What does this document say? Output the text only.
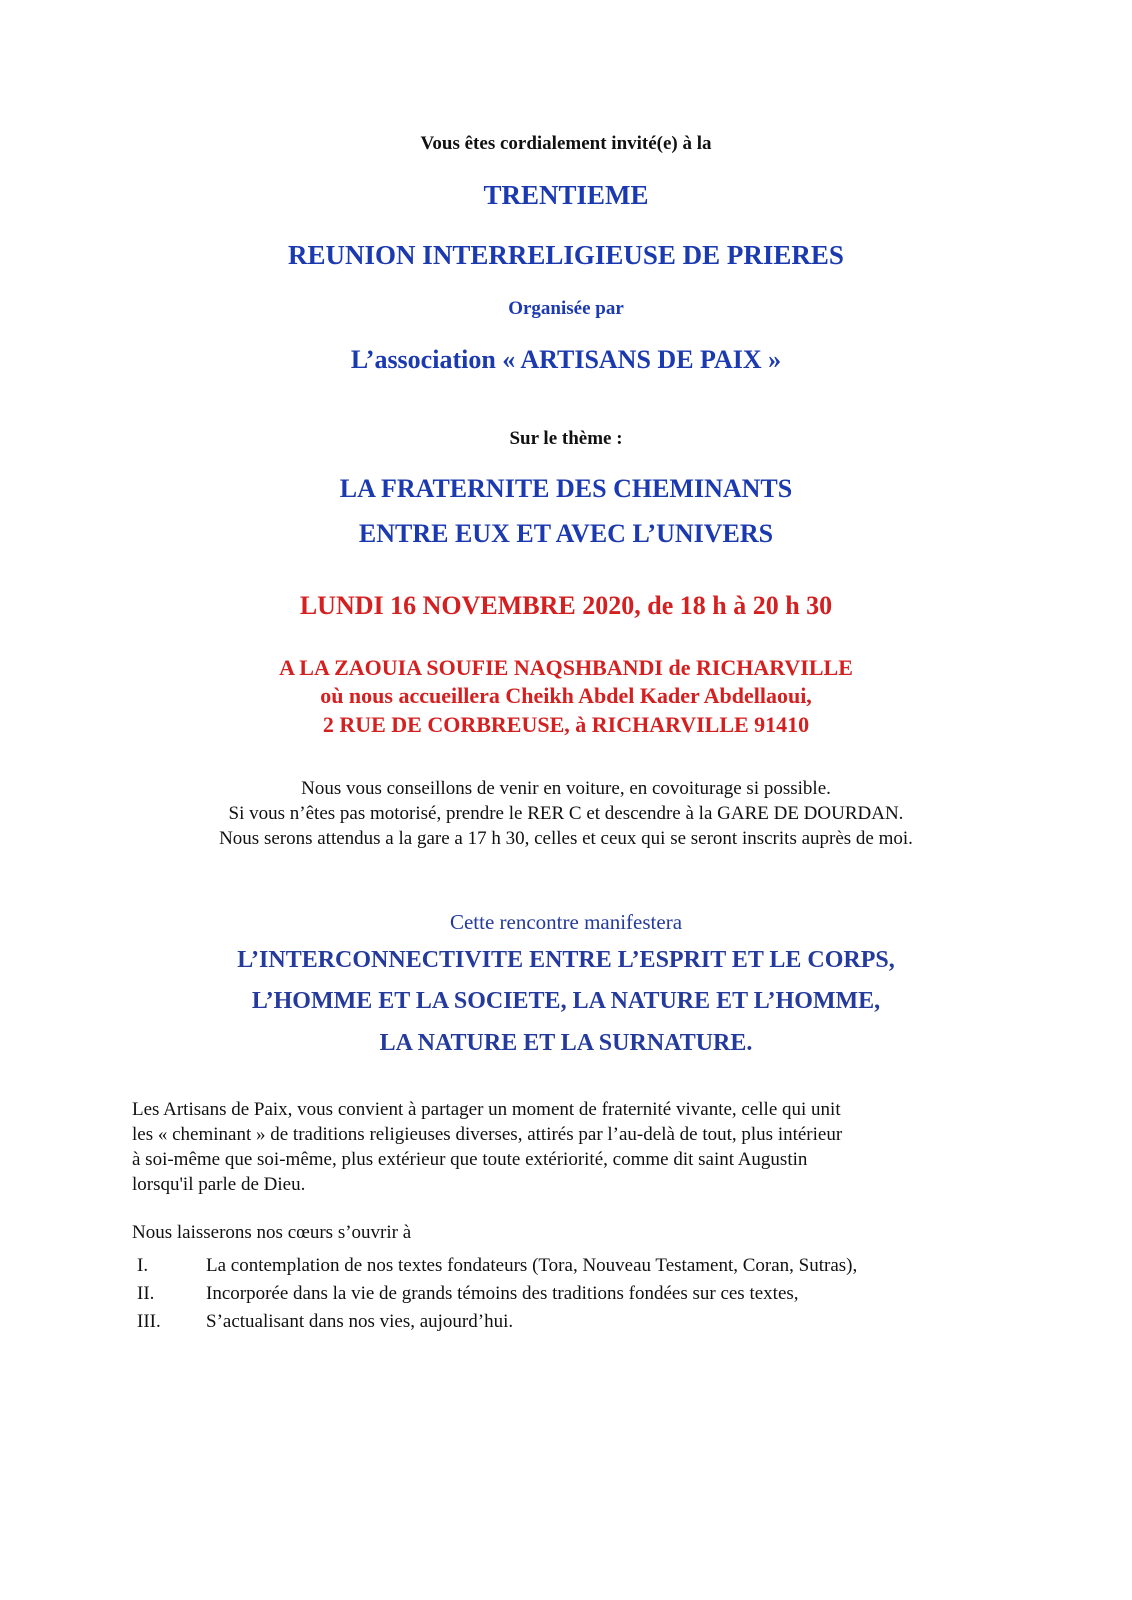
Vous êtes cordialement invité(e) à la
TRENTIEME
REUNION INTERRELIGIEUSE DE PRIERES
Organisée par
L’association « ARTISANS DE PAIX »
Sur le thème :
LA FRATERNITE DES CHEMINANTS
ENTRE EUX ET AVEC L’UNIVERS
LUNDI 16 NOVEMBRE 2020, de 18 h à 20 h 30
A LA ZAOUIA SOUFIE NAQSHBANDI de RICHARVILLE
où nous accueillera Cheikh Abdel Kader Abdellaoui,
2 RUE DE CORBREUSE, à RICHARVILLE 91410
Nous vous conseillons de venir en voiture, en covoiturage si possible.
Si vous n’êtes pas motorisé, prendre le RER C et descendre à la GARE DE DOURDAN.
Nous serons attendus a la gare a 17 h 30, celles et ceux qui se seront inscrits auprès de moi.
Cette rencontre manifestera
L’INTERCONNECTIVITE ENTRE L’ESPRIT ET LE CORPS,
L’HOMME ET LA SOCIETE, LA NATURE ET L’HOMME,
LA NATURE ET LA SURNATURE.
Les Artisans de Paix, vous convient à partager un moment de fraternité vivante, celle qui unit
les « cheminant » de traditions religieuses diverses, attirés par l’au-delà de tout, plus intérieur
à soi-même que soi-même, plus extérieur que toute extériorité, comme dit saint Augustin
lorsqu'il parle de Dieu.
Nous laisserons nos cœurs s’ouvrir à
I.	La contemplation de nos textes fondateurs (Tora, Nouveau Testament, Coran, Sutras),
II.	Incorporée dans la vie de grands témoins des traditions fondées sur ces textes,
III. S’actualisant dans nos vies, aujourd’hui.
